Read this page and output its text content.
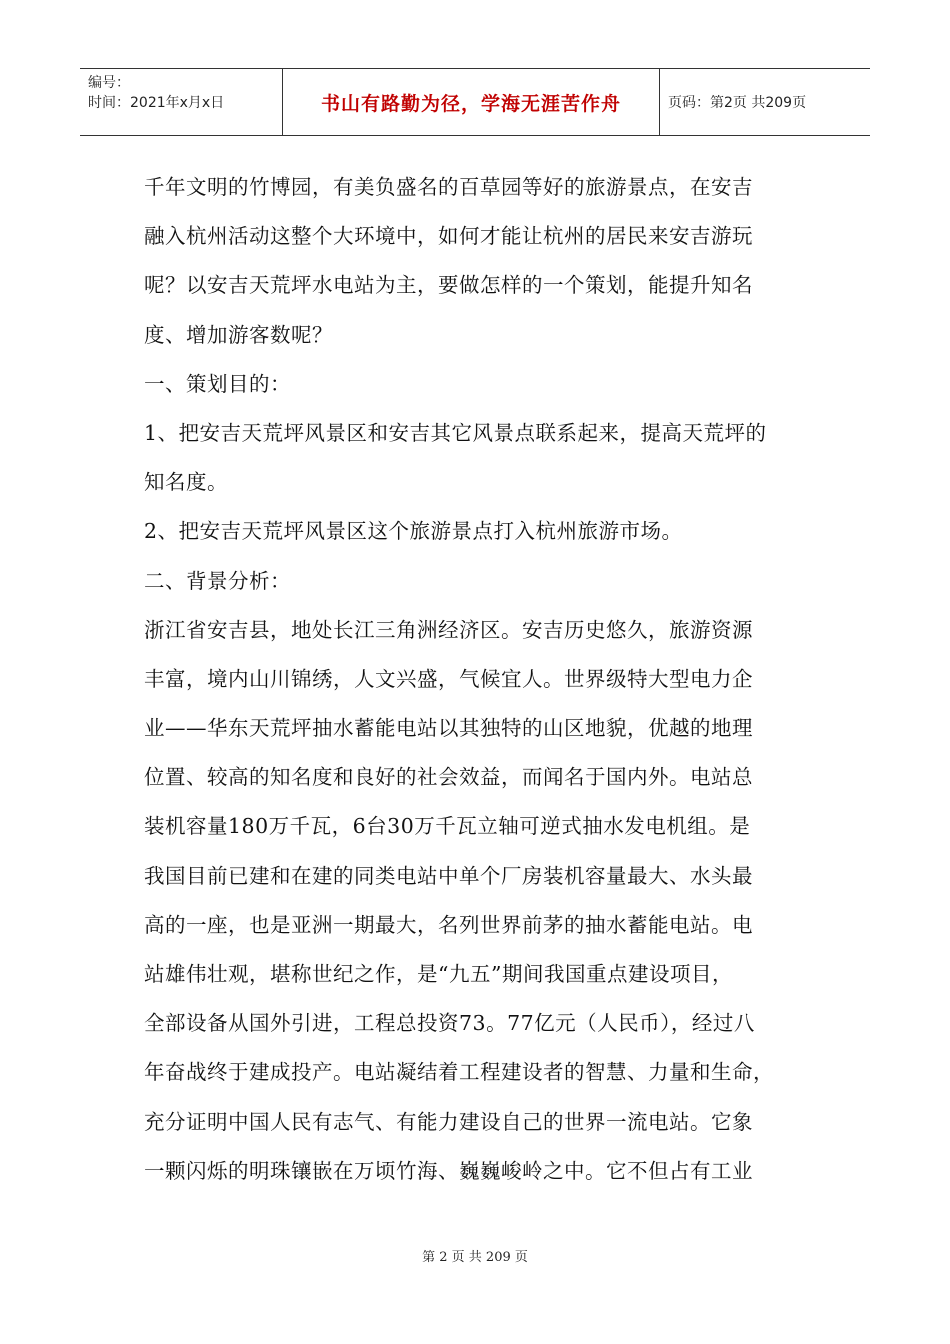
编号：
时间：2021年x月x日	书山有路勤为径，学海无涯苦作舟	页码：第2页 共209页
千年文明的竹博园，有美负盛名的百草园等好的旅游景点，在安吉
融入杭州活动这整个大环境中，如何才能让杭州的居民来安吉游玩
呢？以安吉天荒坪水电站为主，要做怎样的一个策划，能提升知名
度、增加游客数呢？
一、策划目的：
1、把安吉天荒坪风景区和安吉其它风景点联系起来，提高天荒坪的
知名度。
2、把安吉天荒坪风景区这个旅游景点打入杭州旅游市场。
二、背景分析：
浙江省安吉县，地处长江三角洲经济区。安吉历史悠久，旅游资源
丰富，境内山川锦绣，人文兴盛，气候宜人。世界级特大型电力企
业——华东天荒坪抽水蓄能电站以其独特的山区地貌，优越的地理
位置、较高的知名度和良好的社会效益，而闻名于国内外。电站总
装机容量180万千瓦，6台30万千瓦立轴可逆式抽水发电机组。是
我国目前已建和在建的同类电站中单个厂房装机容量最大、水头最
高的一座，也是亚洲一期最大，名列世界前茅的抽水蓄能电站。电
站雄伟壮观，堪称世纪之作，是“九五”期间我国重点建设项目，
全部设备从国外引进，工程总投资73。77亿元（人民币），经过八
年奋战终于建成投产。电站凝结着工程建设者的智慧、力量和生命，
充分证明中国人民有志气、有能力建设自己的世界一流电站。它象
一颗闪烁的明珠镶嵌在万顷竹海、巍巍峻岭之中。它不但占有工业
第 2 页 共 209 页
